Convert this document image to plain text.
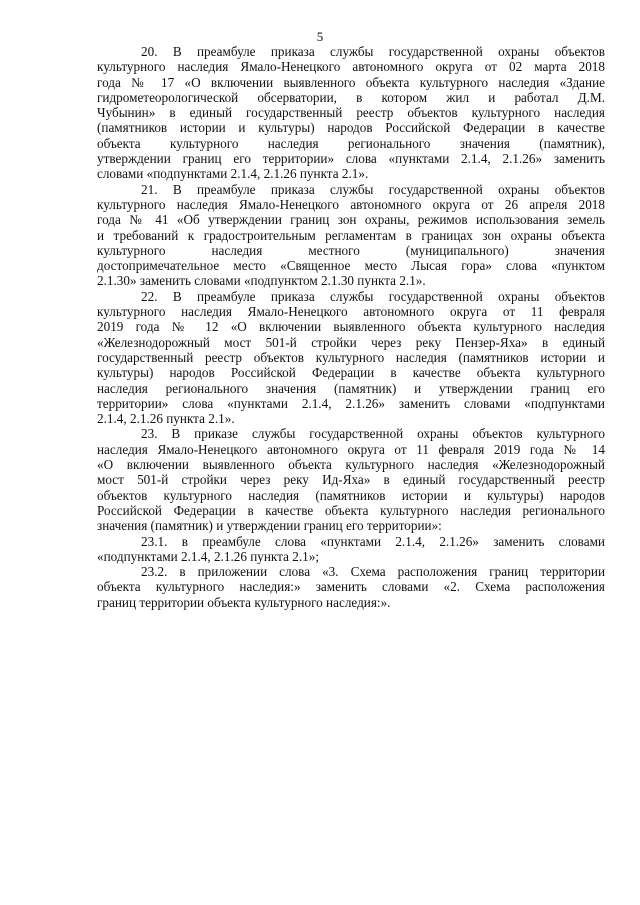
5
20. В преамбуле приказа службы государственной охраны объектов
культурного наследия Ямало-Ненецкого автономного округа от 02 марта 2018
года № 17 «О включении выявленного объекта культурного наследия «Здание
гидрометеорологической обсерватории, в котором жил и работал Д.М.
Чубынин» в единый государственный реестр объектов культурного наследия
(памятников истории и культуры) народов Российской Федерации в качестве
объекта культурного наследия регионального значения (памятник),
утверждении границ его территории» слова «пунктами 2.1.4, 2.1.26» заменить
словами «подпунктами 2.1.4, 2.1.26 пункта 2.1».
21. В преамбуле приказа службы государственной охраны объектов
культурного наследия Ямало-Ненецкого автономного округа от 26 апреля 2018
года № 41 «Об утверждении границ зон охраны, режимов использования земель
и требований к градостроительным регламентам в границах зон охраны объекта
культурного наследия местного (муниципального) значения
достопримечательное место «Священное место Лысая гора» слова «пунктом
2.1.30» заменить словами «подпунктом 2.1.30 пункта 2.1».
22. В преамбуле приказа службы государственной охраны объектов
культурного наследия Ямало-Ненецкого автономного округа от 11 февраля
2019 года № 12 «О включении выявленного объекта культурного наследия
«Железнодорожный мост 501-й стройки через реку Пензер-Яха» в единый
государственный реестр объектов культурного наследия (памятников истории и
культуры) народов Российской Федерации в качестве объекта культурного
наследия регионального значения (памятник) и утверждении границ его
территории» слова «пунктами 2.1.4, 2.1.26» заменить словами «подпунктами
2.1.4, 2.1.26 пункта 2.1».
23. В приказе службы государственной охраны объектов культурного
наследия Ямало-Ненецкого автономного округа от 11 февраля 2019 года № 14
«О включении выявленного объекта культурного наследия «Железнодорожный
мост 501-й стройки через реку Ид-Яха» в единый государственный реестр
объектов культурного наследия (памятников истории и культуры) народов
Российской Федерации в качестве объекта культурного наследия регионального
значения (памятник) и утверждении границ его территории»:
23.1. в преамбуле слова «пунктами 2.1.4, 2.1.26» заменить словами
«подпунктами 2.1.4, 2.1.26 пункта 2.1»;
23.2. в приложении слова «3. Схема расположения границ территории
объекта культурного наследия:» заменить словами «2. Схема расположения
границ территории объекта культурного наследия:».
